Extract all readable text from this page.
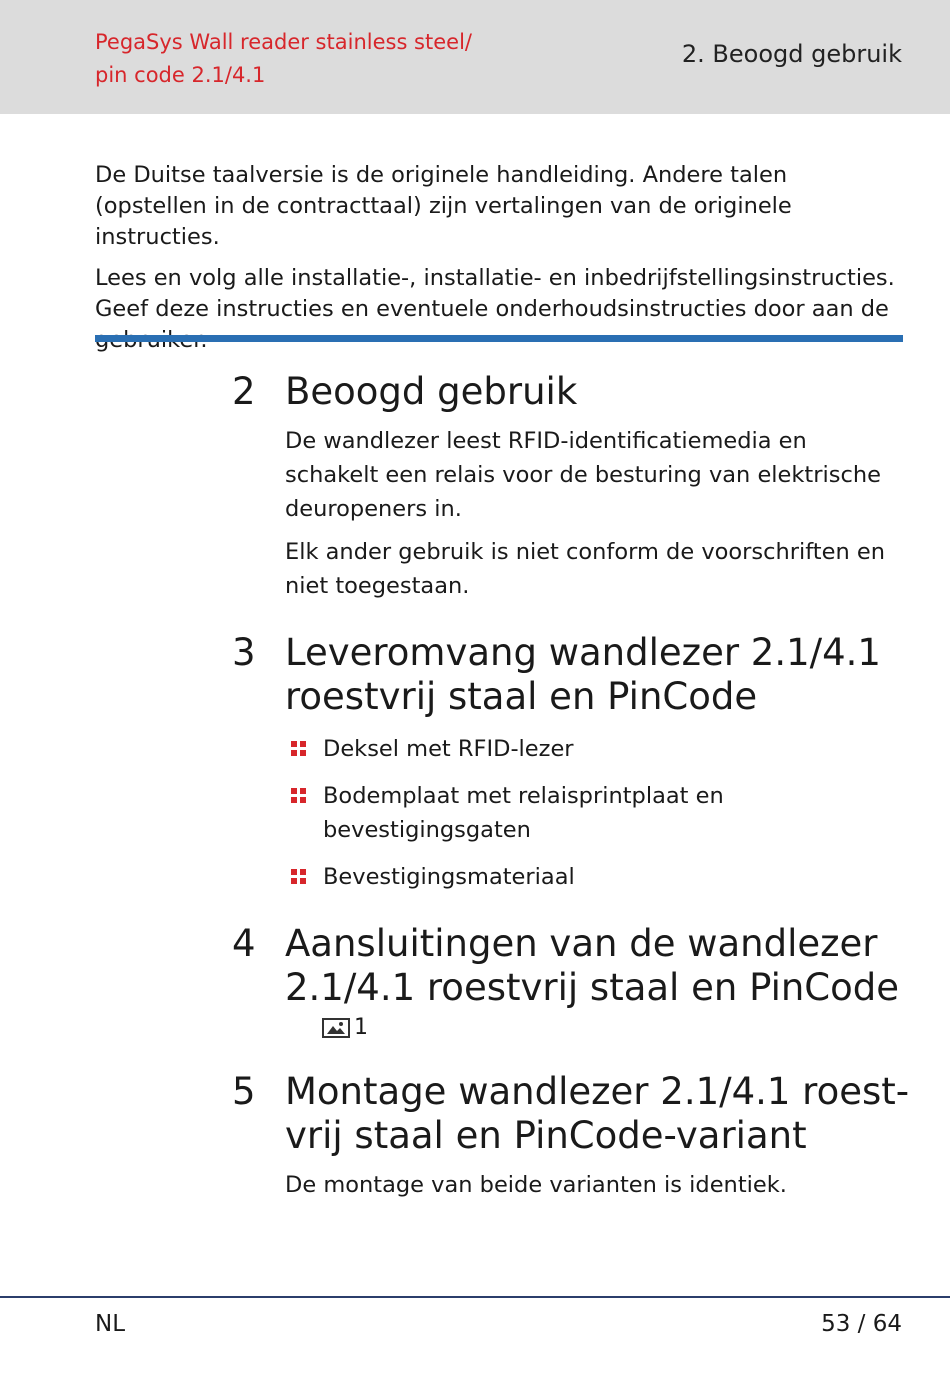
PegaSys Wall reader stainless steel/
pin code 2.1/4.1
2. Beoogd gebruik

De Duitse taalversie is de originele handleiding. Andere talen (opstellen in de contracttaal) zijn vertalingen van de originele instructies.

Lees en volg alle installatie-, installatie- en inbedrijfstellingsinstructies. Geef deze instructies en eventuele onderhoudsinstructies door aan de

2 Beoogd gebruik

De wandlezer leest RFID-identificatiemedia en schakelt een relais voor de besturing van elektrische deuropeners in.

Elk ander gebruik is niet conform de voorschriften en niet toegestaan.

3 Leveromvang wandlezer 2.1/4.1 roestvrij staal en PinCode
Deksel met RFID-lezer
Bodemplaat met relaisprintplaat en bevestigingsgaten
Bevestigingsmateriaal
4 Aansluitingen van de wandlezer 2.1/4.1 roestvrij staal en PinCode
1
5 Montage wandlezer 2.1/4.1 roest-vrij staal en PinCode-variant

De montage van beide varianten is identiek.

NL	53 / 64
